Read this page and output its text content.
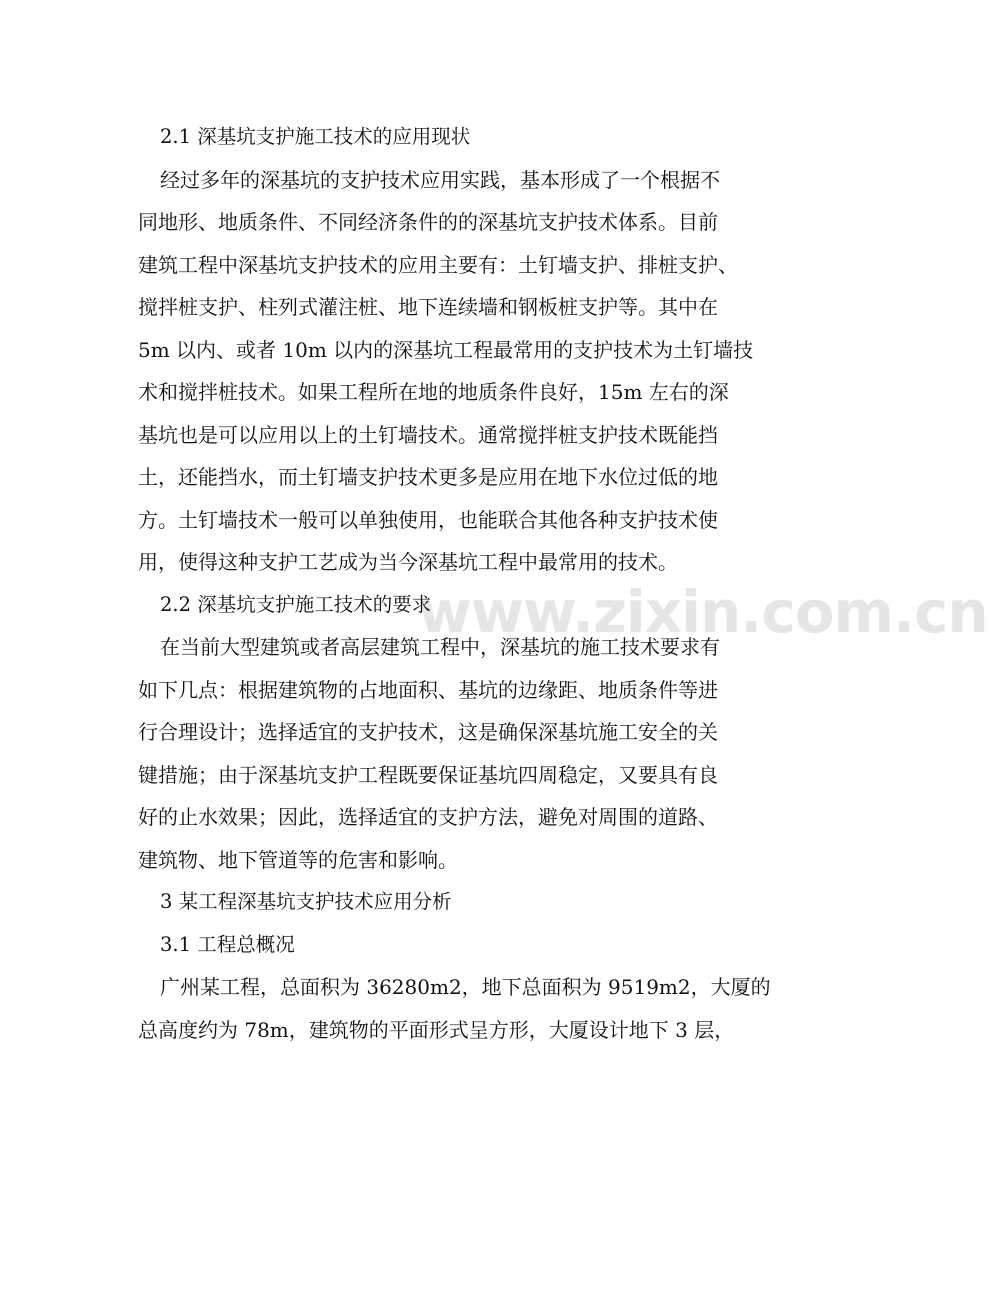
www.zixin.com.cn

2.1 深基坑支护施工技术的应用现状

经过多年的深基坑的支护技术应用实践，基本形成了一个根据不

同地形、地质条件、不同经济条件的的深基坑支护技术体系。目前

建筑工程中深基坑支护技术的应用主要有：土钉墙支护、排桩支护、

搅拌桩支护、柱列式灌注桩、地下连续墙和钢板桩支护等。其中在

5m 以内、或者 10m 以内的深基坑工程最常用的支护技术为土钉墙技

术和搅拌桩技术。如果工程所在地的地质条件良好，15m 左右的深

基坑也是可以应用以上的土钉墙技术。通常搅拌桩支护技术既能挡

土，还能挡水，而土钉墙支护技术更多是应用在地下水位过低的地

方。土钉墙技术一般可以单独使用，也能联合其他各种支护技术使

用，使得这种支护工艺成为当今深基坑工程中最常用的技术。

2.2 深基坑支护施工技术的要求

在当前大型建筑或者高层建筑工程中，深基坑的施工技术要求有

如下几点：根据建筑物的占地面积、基坑的边缘距、地质条件等进

行合理设计；选择适宜的支护技术，这是确保深基坑施工安全的关

键措施；由于深基坑支护工程既要保证基坑四周稳定，又要具有良

好的止水效果；因此，选择适宜的支护方法，避免对周围的道路、

建筑物、地下管道等的危害和影响。

3 某工程深基坑支护技术应用分析

3.1 工程总概况

广州某工程，总面积为 36280m2，地下总面积为 9519m2，大厦的

总高度约为 78m，建筑物的平面形式呈方形，大厦设计地下 3 层，
